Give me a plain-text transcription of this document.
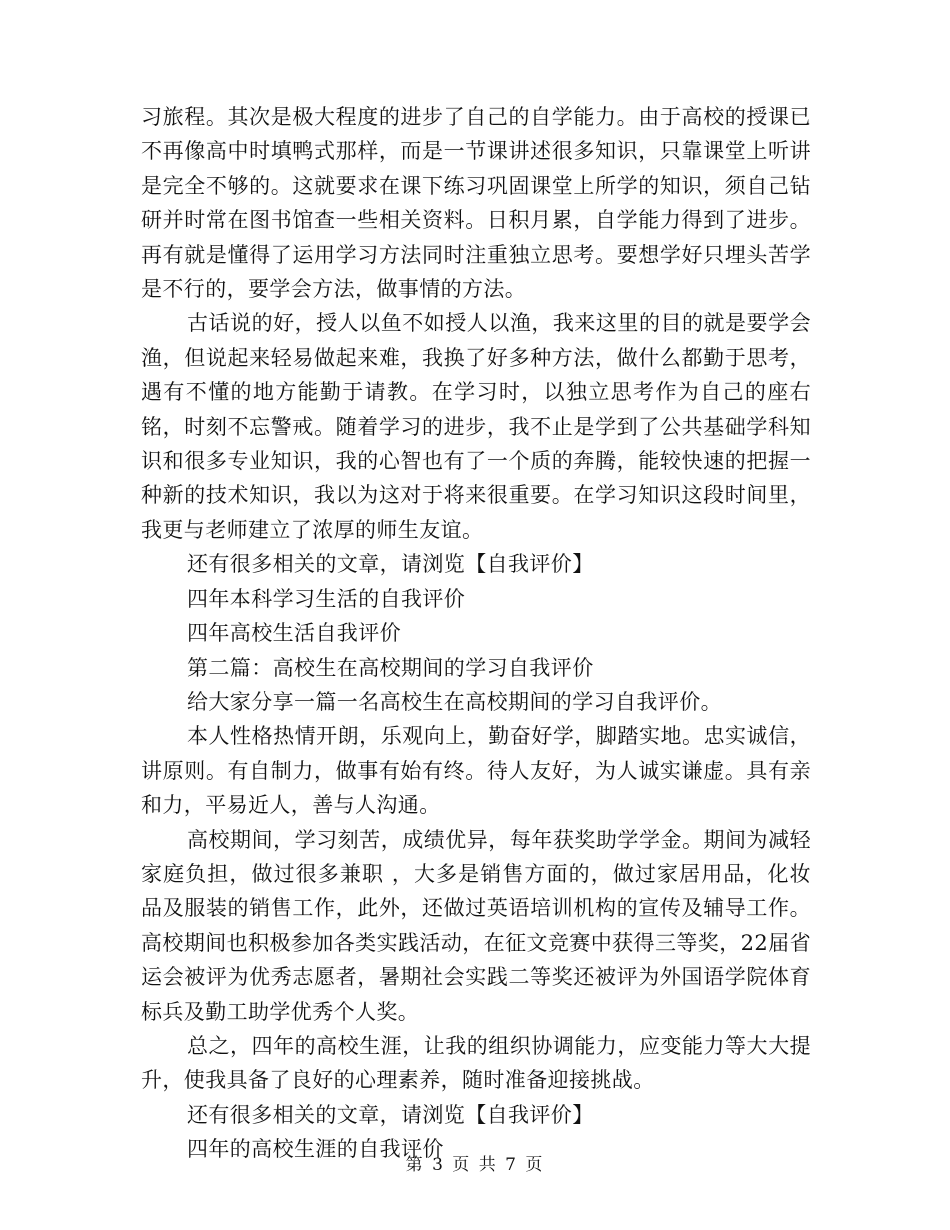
习旅程。其次是极大程度的进步了自己的自学能力。由于高校的授课已不再像高中时填鸭式那样，而是一节课讲述很多知识，只靠课堂上听讲是完全不够的。这就要求在课下练习巩固课堂上所学的知识，须自己钻研并时常在图书馆查一些相关资料。日积月累，自学能力得到了进步。再有就是懂得了运用学习方法同时注重独立思考。要想学好只埋头苦学是不行的，要学会方法，做事情的方法。

古话说的好，授人以鱼不如授人以渔，我来这里的目的就是要学会渔，但说起来轻易做起来难，我换了好多种方法，做什么都勤于思考，遇有不懂的地方能勤于请教。在学习时，以独立思考作为自己的座右铭，时刻不忘警戒。随着学习的进步，我不止是学到了公共基础学科知识和很多专业知识，我的心智也有了一个质的奔腾，能较快速的把握一种新的技术知识，我以为这对于将来很重要。在学习知识这段时间里，我更与老师建立了浓厚的师生友谊。

还有很多相关的文章，请浏览【自我评价】

四年本科学习生活的自我评价

四年高校生活自我评价

第二篇：高校生在高校期间的学习自我评价

给大家分享一篇一名高校生在高校期间的学习自我评价。

本人性格热情开朗，乐观向上，勤奋好学，脚踏实地。忠实诚信，讲原则。有自制力，做事有始有终。待人友好，为人诚实谦虚。具有亲和力，平易近人，善与人沟通。

高校期间，学习刻苦，成绩优异，每年获奖助学学金。期间为减轻家庭负担，做过很多兼职 ，大多是销售方面的，做过家居用品，化妆品及服装的销售工作，此外，还做过英语培训机构的宣传及辅导工作。高校期间也积极参加各类实践活动，在征文竞赛中获得三等奖，22届省运会被评为优秀志愿者，暑期社会实践二等奖还被评为外国语学院体育标兵及勤工助学优秀个人奖。

总之，四年的高校生涯，让我的组织协调能力，应变能力等大大提升，使我具备了良好的心理素养，随时准备迎接挑战。

还有很多相关的文章，请浏览【自我评价】

四年的高校生涯的自我评价

第 3 页 共 7 页
